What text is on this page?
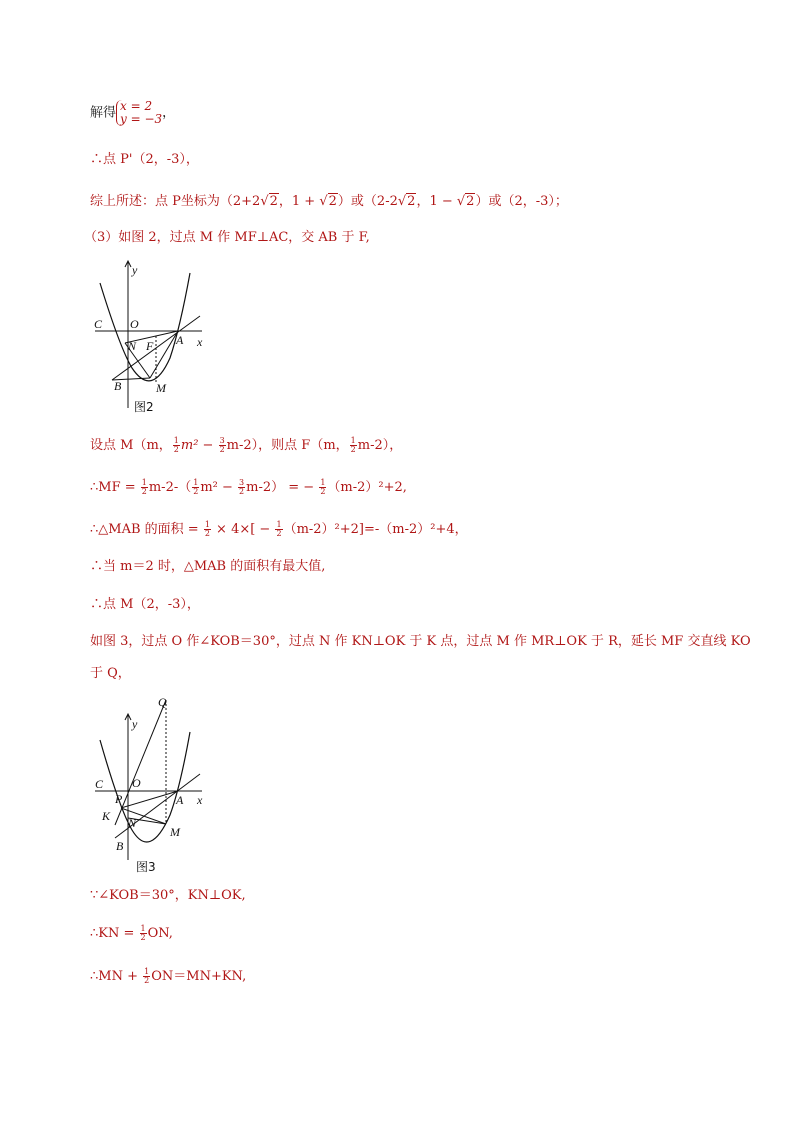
解得 x = 2
y = −3，
∴点 P'（2，-3），
综上所述：点 P坐标为（2+2√2，1 + √2）或（2-2√2，1 − √2）或（2，-3）；
（3）如图 2，过点 M 作 MF⊥AC，交 AB 于 F,
y
x
C O
N F A
B	M
图2
设点 M（m， $\frac{1}{2} m^2 - \frac{3}{2} m-2$），则点 F（m， $\frac{1}{2} m-2$），
∴MF = $\frac{1}{2} m-2-( \frac{1}{2} m^2 - \frac{3}{2} m-2)$ = − $\frac{1}{2} (m-2)^2+2$,
∴△MAB 的面积 = $\frac{1}{2} \times 4\times[ - \frac{1}{2} (m-2)^2+2]=-(m-2)^2+4$，
∴当 m＝2 时，△MAB 的面积有最大值,
∴点 M（2，-3），
如图 3，过点 O 作∠KOB＝30°，过点 N 作 KN⊥OK 于 K 点，过点 M 作 MR⊥OK 于 R，延长 MF 交直线 KO
于 Q，
Q
y
x
C O
P
K N
A
B
M
图3
∵∠KOB＝30°，KN⊥OK,
∴KN = $\frac{1}{2}$ ON,
∴MN + $\frac{1}{2} ON=MN+KN$,
